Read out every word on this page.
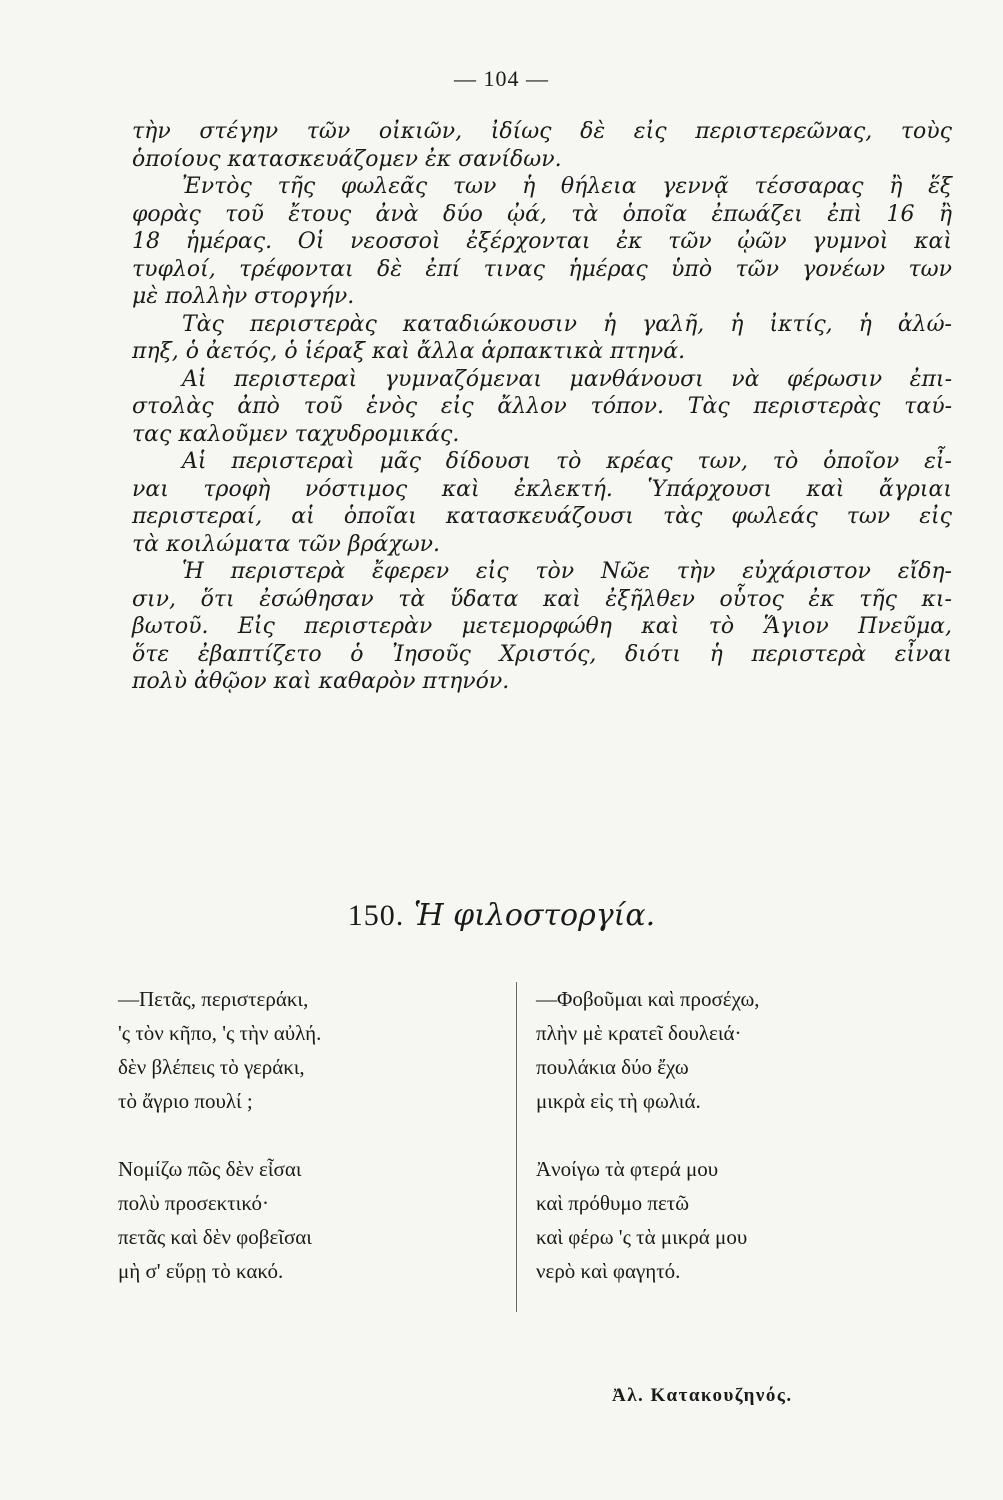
— 104 —
τὴν στέγην τῶν οἰκιῶν, ἰδίως δὲ εἰς περιστερεῶνας, τοὺς
ὁποίους κατασκευάζομεν ἐκ σανίδων.
Ἐντὸς τῆς φωλεᾶς των ἡ θήλεια γεννᾷ τέσσαρας ἢ ἕξ
φορὰς τοῦ ἔτους ἀνὰ δύο ᾠά, τὰ ὁποῖα ἐπωάζει ἐπὶ 16 ἢ
18 ἡμέρας. Οἱ νεοσσοὶ ἐξέρχονται ἐκ τῶν ᾠῶν γυμνοὶ καὶ
τυφλοί, τρέφονται δὲ ἐπί τινας ἡμέρας ὑπὸ τῶν γονέων των
μὲ πολλὴν στοργήν.
Τὰς περιστερὰς καταδιώκουσιν ἡ γαλῆ, ἡ ἰκτίς, ἡ ἀλώ-
πηξ, ὁ ἀετός, ὁ ἱέραξ καὶ ἄλλα ἁρπακτικὰ πτηνά.
Αἱ περιστεραὶ γυμναζόμεναι μανθάνουσι νὰ φέρωσιν ἐπι-
στολὰς ἀπὸ τοῦ ἑνὸς εἰς ἄλλον τόπον. Τὰς περιστερὰς ταύ-
τας καλοῦμεν ταχυδρομικάς.
Αἱ περιστεραὶ μᾶς δίδουσι τὸ κρέας των, τὸ ὁποῖον εἶ-
ναι τροφὴ νόστιμος καὶ ἐκλεκτή. Ὑπάρχουσι καὶ ἄγριαι
περιστεραί, αἱ ὁποῖαι κατασκευάζουσι τὰς φωλεάς των εἰς
τὰ κοιλώματα τῶν βράχων.
Ἡ περιστερὰ ἔφερεν εἰς τὸν Νῶε τὴν εὐχάριστον εἴδη-
σιν, ὅτι ἐσώθησαν τὰ ὕδατα καὶ ἐξῆλθεν οὗτος ἐκ τῆς κι-
βωτοῦ. Εἰς περιστερὰν μετεμορφώθη καὶ τὸ Ἅγιον Πνεῦμα,
ὅτε ἐβαπτίζετο ὁ Ἰησοῦς Χριστός, διότι ἡ περιστερὰ εἶναι
πολὺ ἀθῷον καὶ καθαρὸν πτηνόν.
150. Ἡ φιλοστοργία.
—Πετᾶς, περιστεράκι,
'ς τὸν κῆπο, 'ς τὴν αὐλή.
δὲν βλέπεις τὸ γεράκι,
τὸ ἄγριο πουλί ;
Νομίζω πῶς δὲν εἶσαι
πολὺ προσεκτικό·
πετᾶς καὶ δὲν φοβεῖσαι
μὴ σ' εὕρῃ τὸ κακό.
—Φοβοῦμαι καὶ προσέχω,
πλὴν μὲ κρατεῖ δουλειά·
πουλάκια δύο ἔχω
μικρὰ εἰς τὴ φωλιά.
Ἀνοίγω τὰ φτερά μου
καὶ πρόθυμο πετῶ
καὶ φέρω 'ς τὰ μικρά μου
νερὸ καὶ φαγητό.
Ἀλ. Κατακουζηνός.
